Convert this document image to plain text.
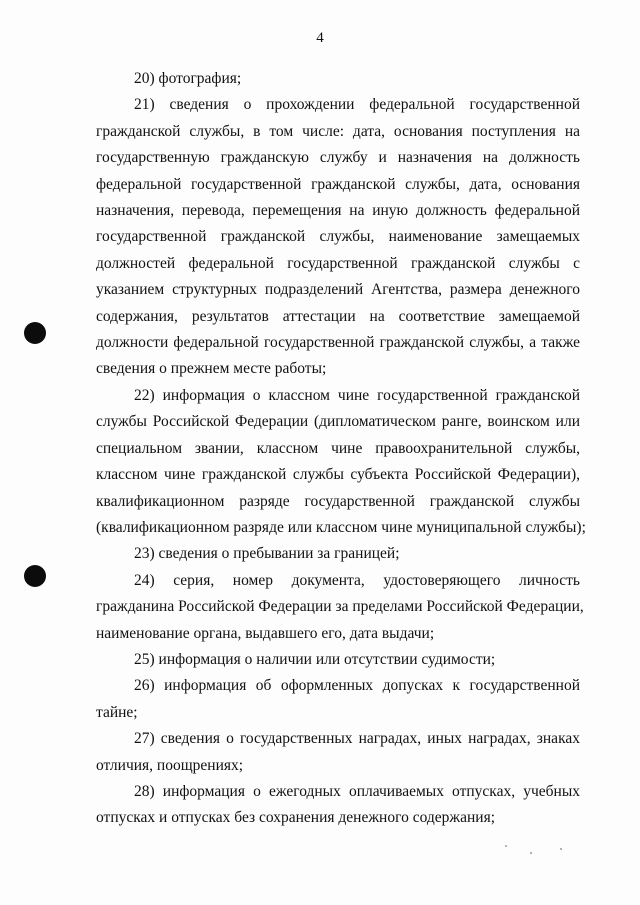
4
20) фотография;
21) сведения о прохождении федеральной государственной
гражданской службы, в том числе: дата, основания поступления на
государственную гражданскую службу и назначения на должность
федеральной государственной гражданской службы, дата, основания
назначения, перевода, перемещения на иную должность федеральной
государственной гражданской службы, наименование замещаемых
должностей федеральной государственной гражданской службы с
указанием структурных подразделений Агентства, размера денежного
содержания, результатов аттестации на соответствие замещаемой
должности федеральной государственной гражданской службы, а также
сведения о прежнем месте работы;
22) информация о классном чине государственной гражданской
службы Российской Федерации (дипломатическом ранге, воинском или
специальном звании, классном чине правоохранительной службы,
классном чине гражданской службы субъекта Российской Федерации),
квалификационном разряде государственной гражданской службы
(квалификационном разряде или классном чине муниципальной службы);
23) сведения о пребывании за границей;
24) серия, номер документа, удостоверяющего личность
гражданина Российской Федерации за пределами Российской Федерации,
наименование органа, выдавшего его, дата выдачи;
25) информация о наличии или отсутствии судимости;
26) информация об оформленных допусках к государственной
тайне;
27) сведения о государственных наградах, иных наградах, знаках
отличия, поощрениях;
28) информация о ежегодных оплачиваемых отпусках, учебных
отпусках и отпусках без сохранения денежного содержания;
